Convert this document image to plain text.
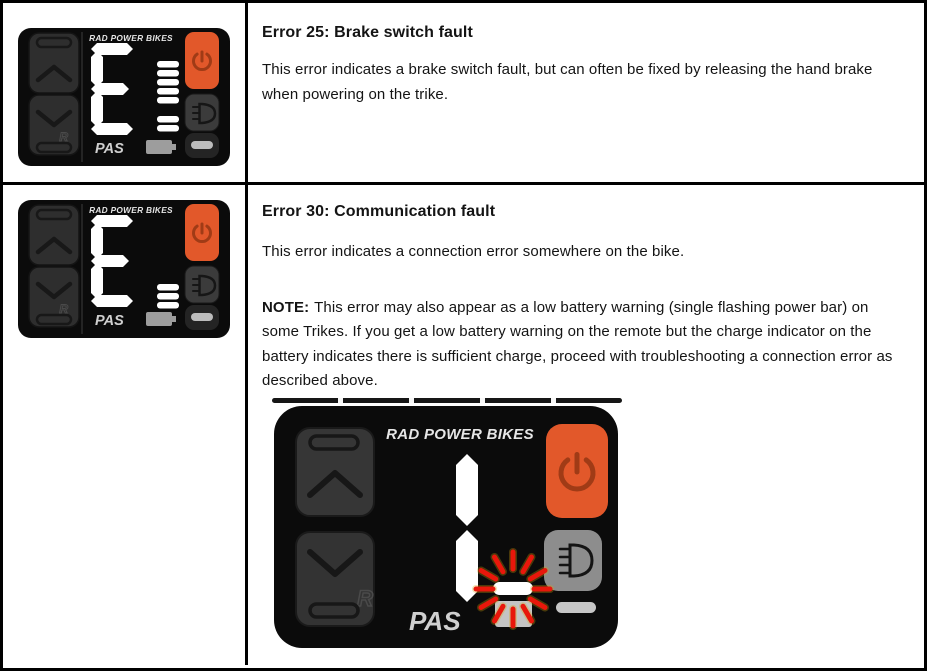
R
RAD POWER BIKES
PAS
Error 25: Brake switch fault

This error indicates a brake switch fault, but can often be fixed by releasing the hand brake when powering on the trike.

R
RAD POWER BIKES
PAS
Error 30: Communication fault

This error indicates a connection error somewhere on the bike.

NOTE: This error may also appear as a low battery warning (single flashing power bar) on some Trikes. If you get a low battery warning on the remote but the charge indicator on the battery indicates there is sufficient charge, proceed with troubleshooting a connection error as described above.

R
RAD POWER BIKES
PAS
